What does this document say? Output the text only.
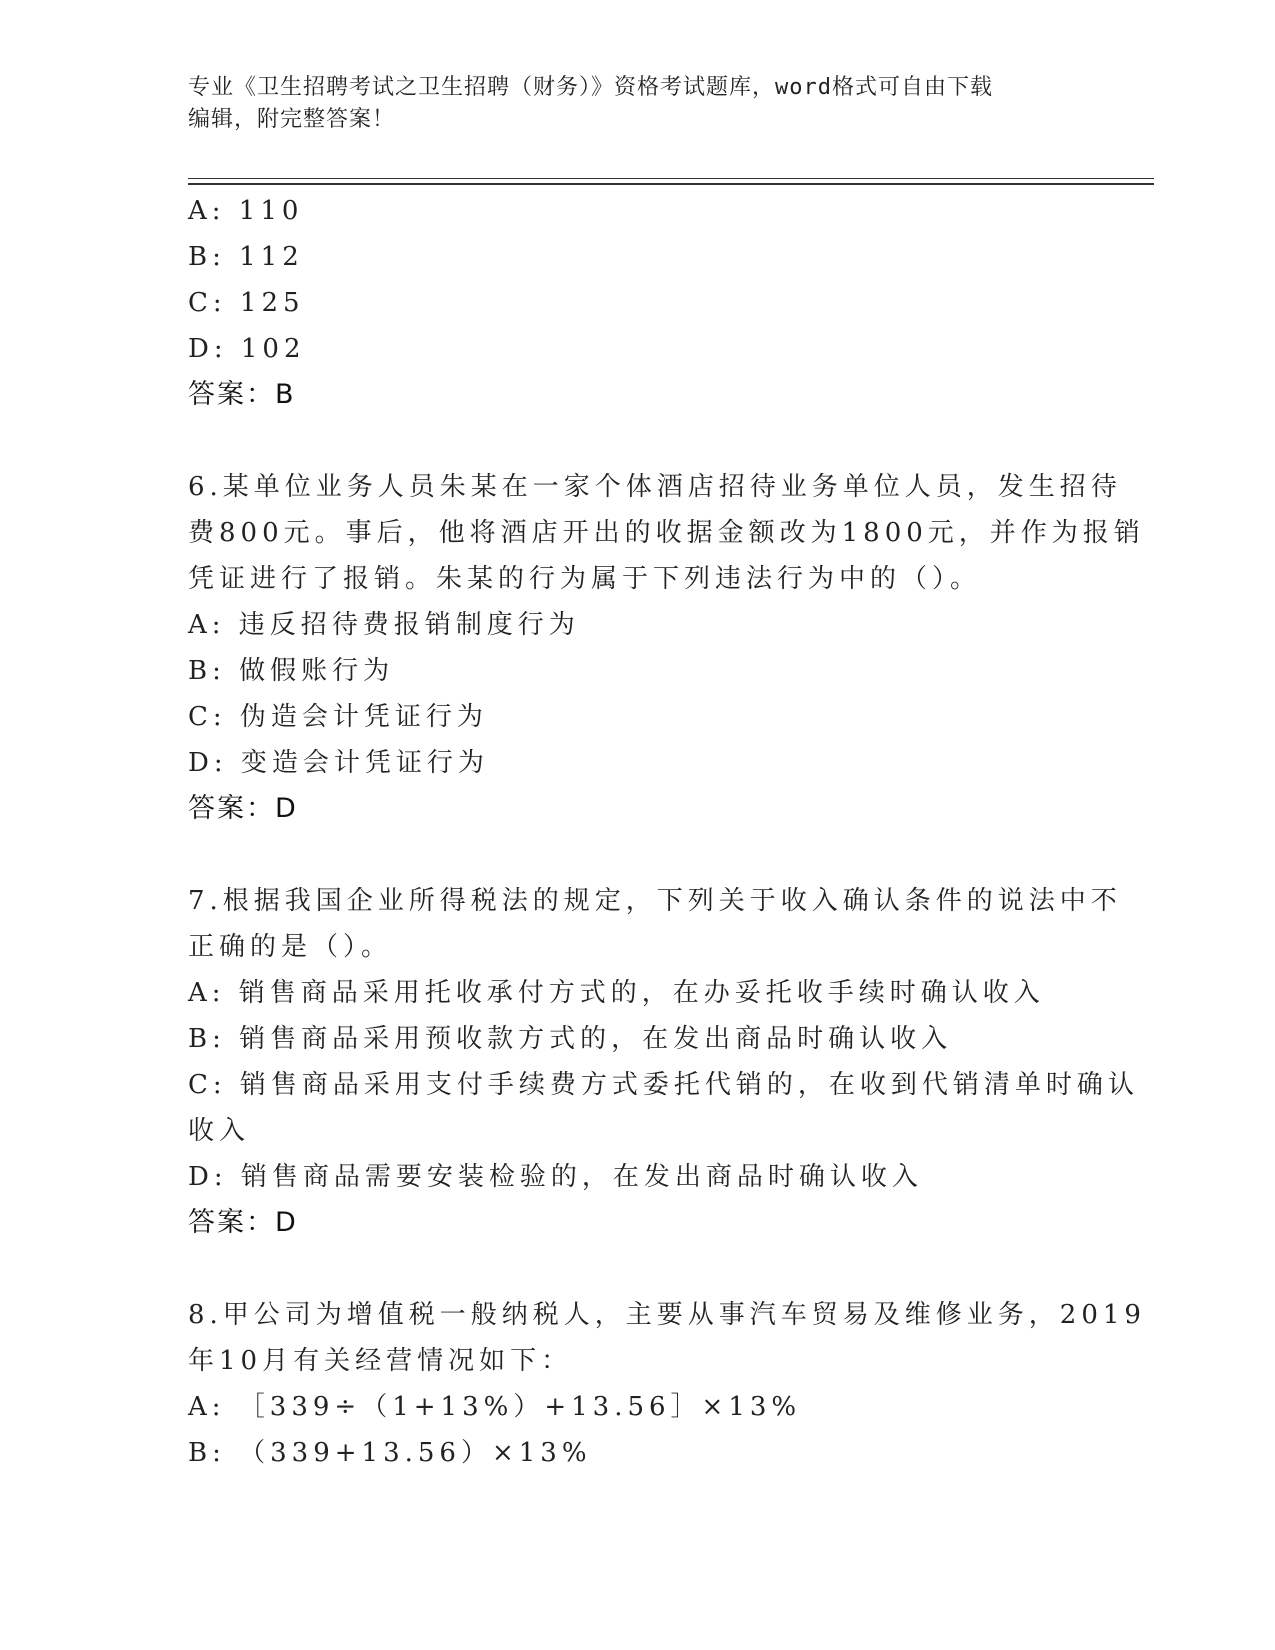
专业《卫生招聘考试之卫生招聘（财务）》资格考试题库，word格式可自由下载
编辑，附完整答案！
A: 110
B: 112
C: 125
D: 102
答案：B
6.某单位业务人员朱某在一家个体酒店招待业务单位人员，发生招待
费800元。事后，他将酒店开出的收据金额改为1800元，并作为报销
凭证进行了报销。朱某的行为属于下列违法行为中的（）。
A: 违反招待费报销制度行为
B: 做假账行为
C: 伪造会计凭证行为
D: 变造会计凭证行为
答案：D
7.根据我国企业所得税法的规定，下列关于收入确认条件的说法中不
正确的是（）。
A: 销售商品采用托收承付方式的，在办妥托收手续时确认收入
B: 销售商品采用预收款方式的，在发出商品时确认收入
C: 销售商品采用支付手续费方式委托代销的，在收到代销清单时确认
收入
D: 销售商品需要安装检验的，在发出商品时确认收入
答案：D
8.甲公司为增值税一般纳税人，主要从事汽车贸易及维修业务，2019
年10月有关经营情况如下：
A: ［339÷（1+13%）+13.56］×13%
B: （339+13.56）×13%
